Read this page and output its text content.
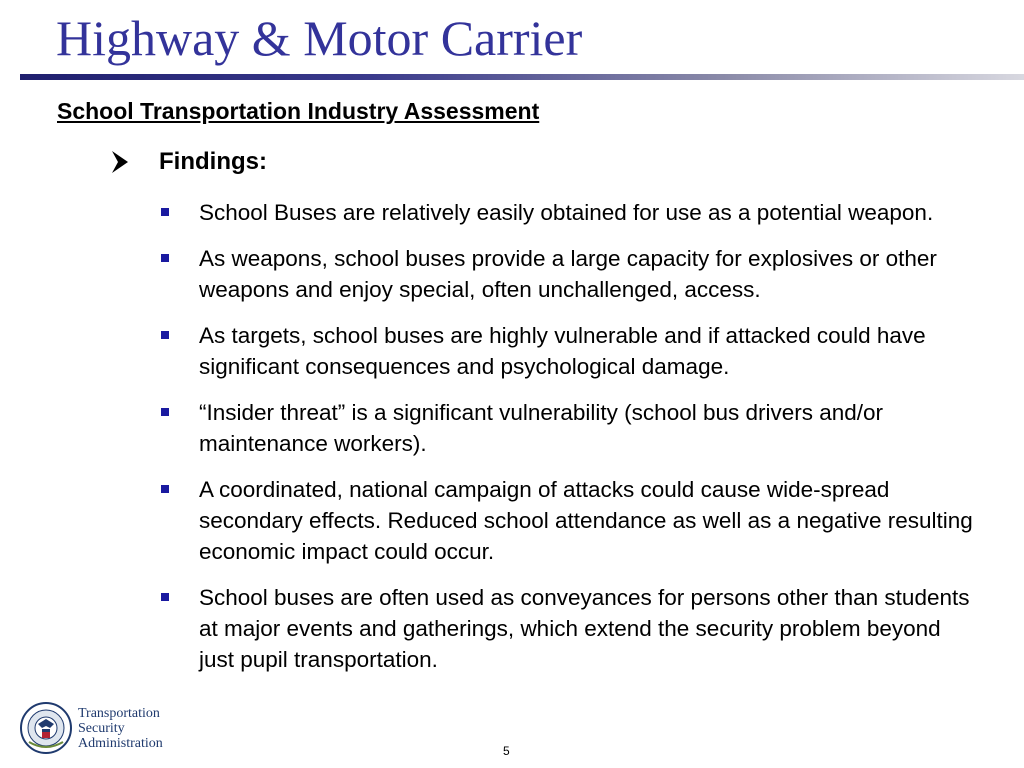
Highway & Motor Carrier
School Transportation Industry Assessment
Findings:
School Buses are relatively easily obtained for use as a potential weapon.
As weapons, school buses provide a large capacity for explosives or other weapons and enjoy special, often unchallenged, access.
As targets, school buses are highly vulnerable and if attacked could have significant consequences and psychological damage.
“Insider threat” is a significant vulnerability (school bus drivers and/or maintenance workers).
A coordinated, national campaign of attacks could cause wide-spread secondary effects. Reduced school attendance as well as a negative resulting economic impact could occur.
School buses are often used as conveyances for persons other than students at major events and gatherings, which extend the security problem beyond just pupil transportation.
Transportation
Security
Administration
5
